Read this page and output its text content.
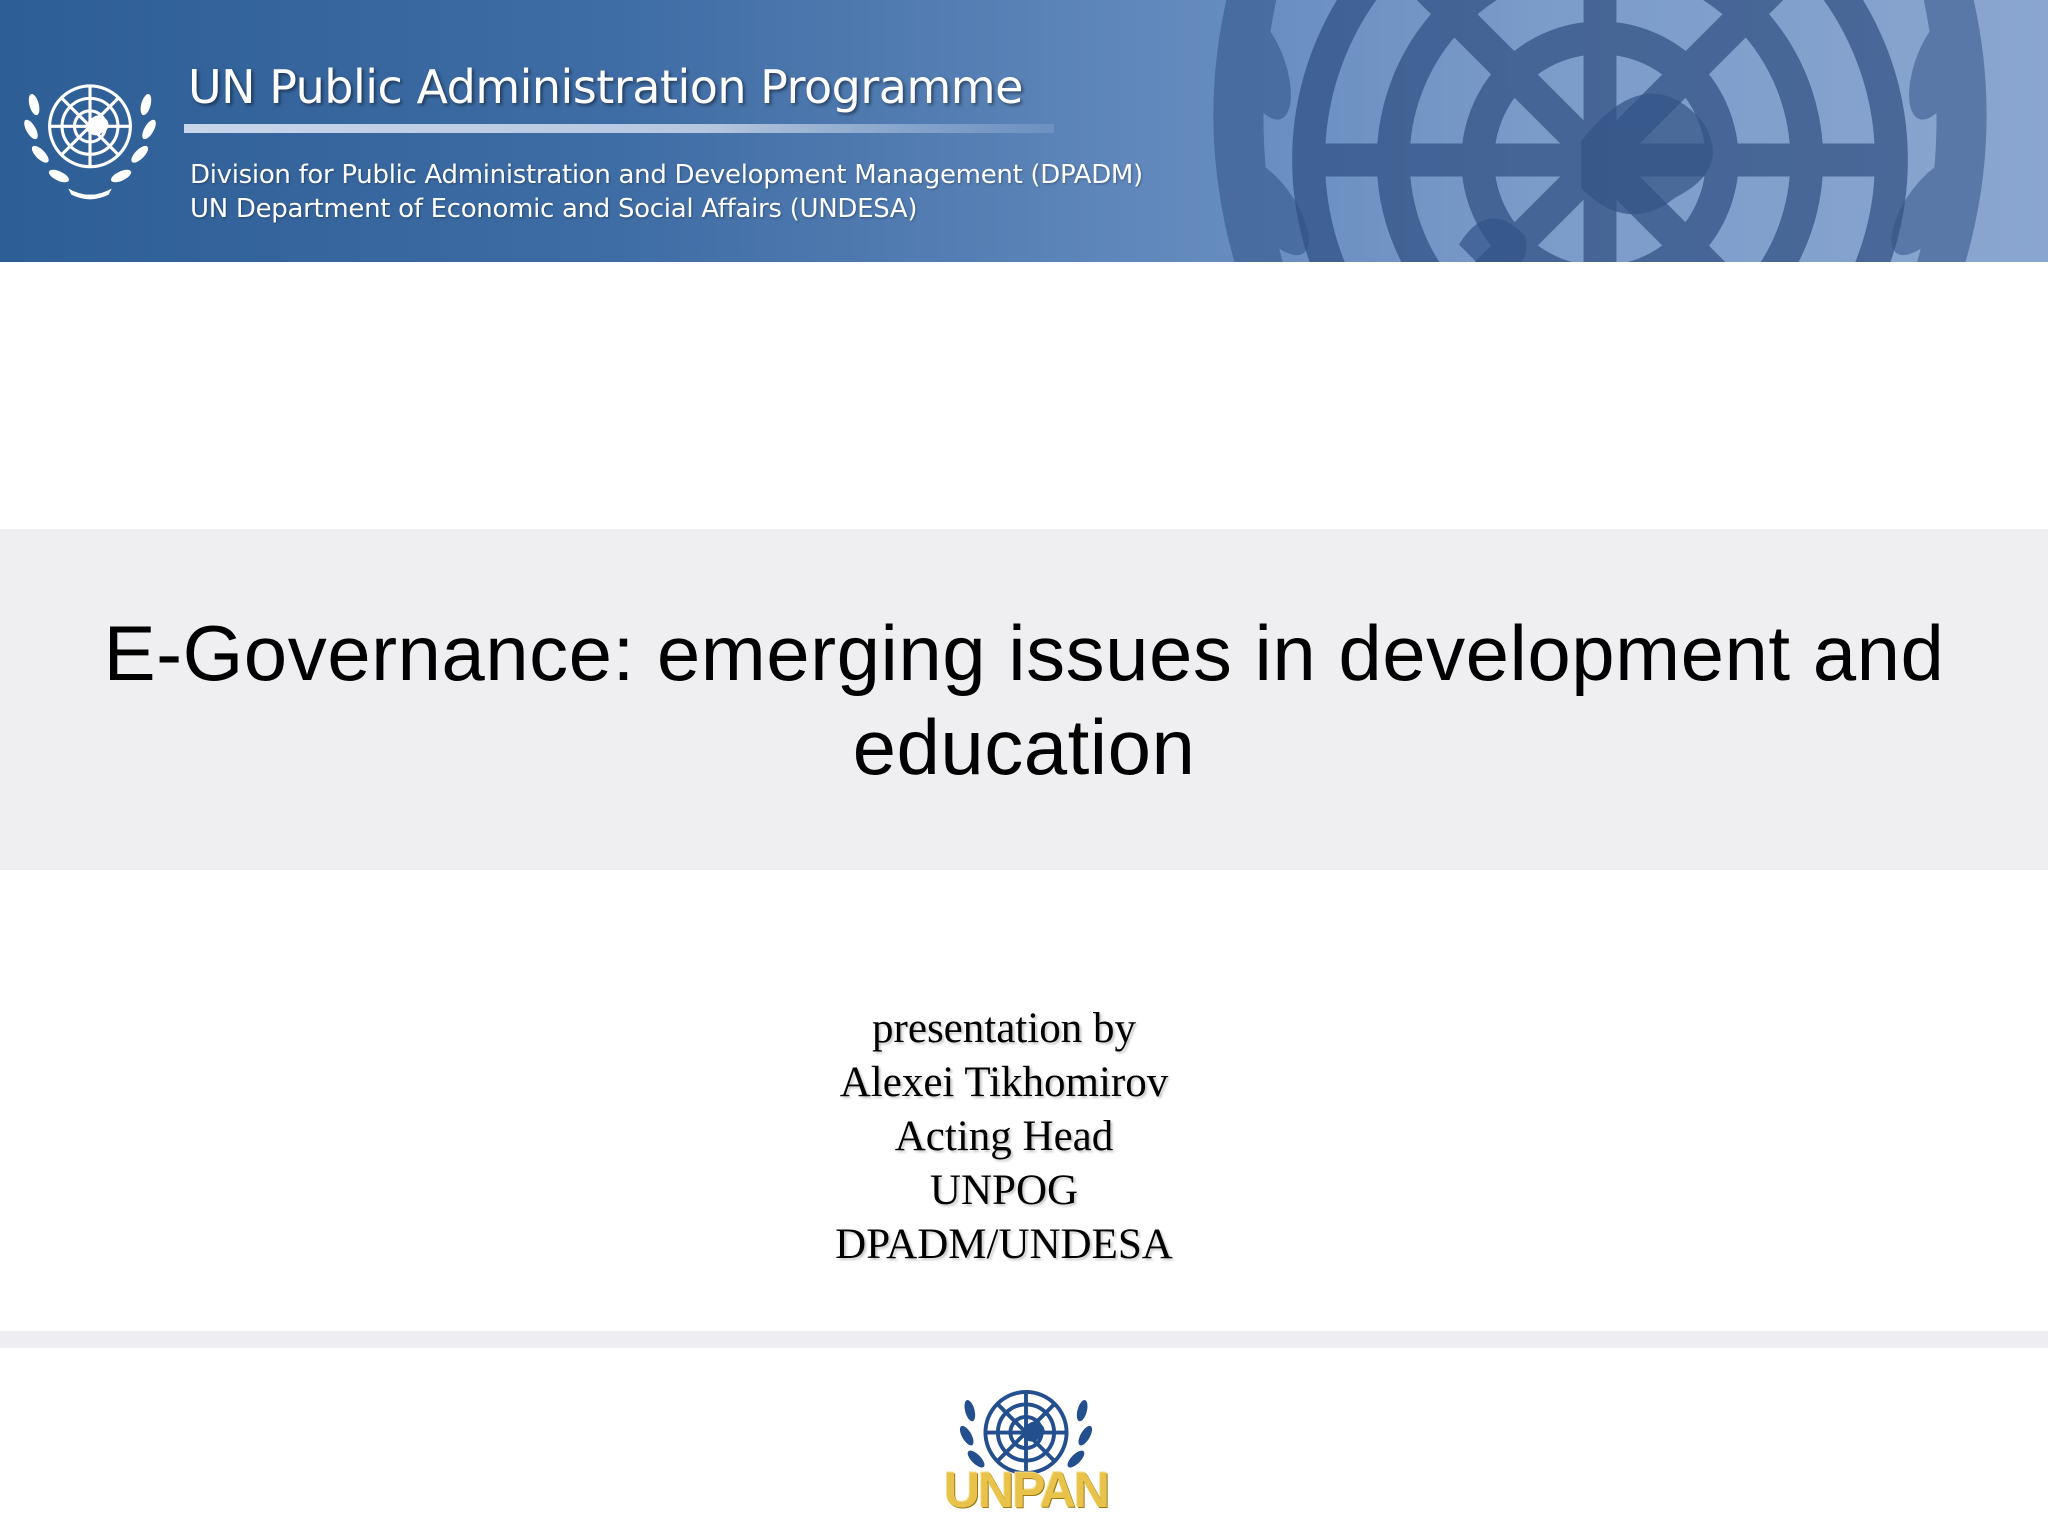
UN Public Administration Programme
Division for Public Administration and Development Management (DPADM)
UN Department of Economic and Social Affairs (UNDESA)
E-Governance: emerging issues in development and education
presentation by
Alexei Tikhomirov
Acting Head
UNPOG
DPADM/UNDESA
UNPAN
